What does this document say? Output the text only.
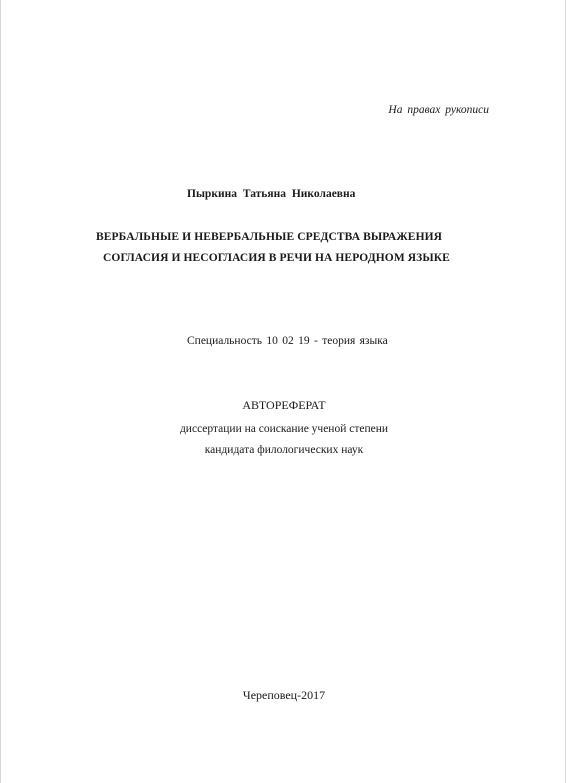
На правах рукописи
Пыркина Татьяна Николаевна
ВЕРБАЛЬНЫЕ И НЕВЕРБАЛЬНЫЕ СРЕДСТВА ВЫРАЖЕНИЯ
СОГЛАСИЯ И НЕСОГЛАСИЯ В РЕЧИ НА НЕРОДНОМ ЯЗЫКЕ
Специальность 10 02 19 - теория языка
АВТОРЕФЕРАТ
диссертации на соискание ученой степени
кандидата филологических наук
Череповец-2017
